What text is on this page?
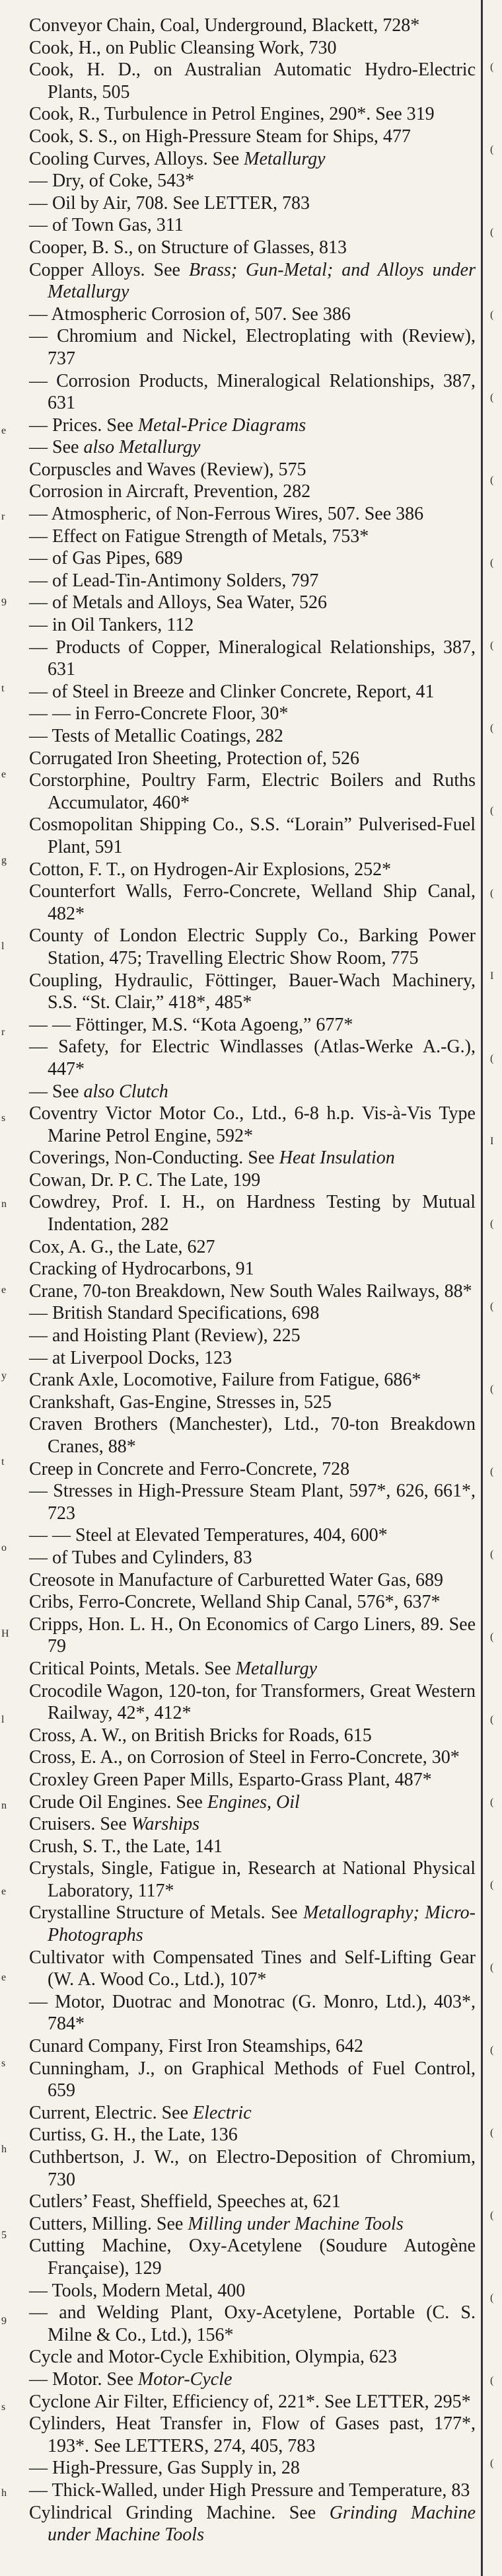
e
r
9
t
e
g
l
r
s
n
e
y
t
o
H
l
n
e
e
s
h
5
9
s
h
Conveyor Chain, Coal, Underground, Blackett, 728*
Cook, H., on Public Cleansing Work, 730
Cook, H. D., on Australian Automatic Hydro-Electric Plants, 505
Cook, R., Turbulence in Petrol Engines, 290*. See 319
Cook, S. S., on High-Pressure Steam for Ships, 477
Cooling Curves, Alloys. See Metallurgy
— Dry, of Coke, 543*
— Oil by Air, 708. See LETTER, 783
— of Town Gas, 311
Cooper, B. S., on Structure of Glasses, 813
Copper Alloys. See Brass; Gun-Metal; and Alloys under Metallurgy
— Atmospheric Corrosion of, 507. See 386
— Chromium and Nickel, Electroplating with (Review), 737
— Corrosion Products, Mineralogical Relationships, 387, 631
— Prices. See Metal-Price Diagrams
— See also Metallurgy
Corpuscles and Waves (Review), 575
Corrosion in Aircraft, Prevention, 282
— Atmospheric, of Non-Ferrous Wires, 507. See 386
— Effect on Fatigue Strength of Metals, 753*
— of Gas Pipes, 689
— of Lead-Tin-Antimony Solders, 797
— of Metals and Alloys, Sea Water, 526
— in Oil Tankers, 112
— Products of Copper, Mineralogical Relationships, 387, 631
— of Steel in Breeze and Clinker Concrete, Report, 41
— — in Ferro-Concrete Floor, 30*
— Tests of Metallic Coatings, 282
Corrugated Iron Sheeting, Protection of, 526
Corstorphine, Poultry Farm, Electric Boilers and Ruths Accumulator, 460*
Cosmopolitan Shipping Co., S.S. “Lorain” Pulverised-Fuel Plant, 591
Cotton, F. T., on Hydrogen-Air Explosions, 252*
Counterfort Walls, Ferro-Concrete, Welland Ship Canal, 482*
County of London Electric Supply Co., Barking Power Station, 475; Travelling Electric Show Room, 775
Coupling, Hydraulic, Föttinger, Bauer-Wach Machinery, S.S. “St. Clair,” 418*, 485*
— — Föttinger, M.S. “Kota Agoeng,” 677*
— Safety, for Electric Windlasses (Atlas-Werke A.-G.), 447*
— See also Clutch
Coventry Victor Motor Co., Ltd., 6-8 h.p. Vis-à-Vis Type Marine Petrol Engine, 592*
Coverings, Non-Conducting. See Heat Insulation
Cowan, Dr. P. C. The Late, 199
Cowdrey, Prof. I. H., on Hardness Testing by Mutual Indentation, 282
Cox, A. G., the Late, 627
Cracking of Hydrocarbons, 91
Crane, 70-ton Breakdown, New South Wales Railways, 88*
— British Standard Specifications, 698
— and Hoisting Plant (Review), 225
— at Liverpool Docks, 123
Crank Axle, Locomotive, Failure from Fatigue, 686*
Crankshaft, Gas-Engine, Stresses in, 525
Craven Brothers (Manchester), Ltd., 70-ton Breakdown Cranes, 88*
Creep in Concrete and Ferro-Concrete, 728
— Stresses in High-Pressure Steam Plant, 597*, 626, 661*, 723
— — Steel at Elevated Temperatures, 404, 600*
— of Tubes and Cylinders, 83
Creosote in Manufacture of Carburetted Water Gas, 689
Cribs, Ferro-Concrete, Welland Ship Canal, 576*, 637*
Cripps, Hon. L. H., On Economics of Cargo Liners, 89. See 79
Critical Points, Metals. See Metallurgy
Crocodile Wagon, 120-ton, for Transformers, Great Western Railway, 42*, 412*
Cross, A. W., on British Bricks for Roads, 615
Cross, E. A., on Corrosion of Steel in Ferro-Concrete, 30*
Croxley Green Paper Mills, Esparto-Grass Plant, 487*
Crude Oil Engines. See Engines, Oil
Cruisers. See Warships
Crush, S. T., the Late, 141
Crystals, Single, Fatigue in, Research at National Physical Laboratory, 117*
Crystalline Structure of Metals. See Metallography; Micro-Photographs
Cultivator with Compensated Tines and Self-Lifting Gear (W. A. Wood Co., Ltd.), 107*
— Motor, Duotrac and Monotrac (G. Monro, Ltd.), 403*, 784*
Cunard Company, First Iron Steamships, 642
Cunningham, J., on Graphical Methods of Fuel Control, 659
Current, Electric. See Electric
Curtiss, G. H., the Late, 136
Cuthbertson, J. W., on Electro-Deposition of Chromium, 730
Cutlers’ Feast, Sheffield, Speeches at, 621
Cutters, Milling. See Milling under Machine Tools
Cutting Machine, Oxy-Acetylene (Soudure Autogène Française), 129
— Tools, Modern Metal, 400
— and Welding Plant, Oxy-Acetylene, Portable (C. S. Milne & Co., Ltd.), 156*
Cycle and Motor-Cycle Exhibition, Olympia, 623
— Motor. See Motor-Cycle
Cyclone Air Filter, Efficiency of, 221*. See LETTER, 295*
Cylinders, Heat Transfer in, Flow of Gases past, 177*, 193*. See LETTERS, 274, 405, 783
— High-Pressure, Gas Supply in, 28
— Thick-Walled, under High Pressure and Temperature, 83
Cylindrical Grinding Machine. See Grinding Machine under Machine Tools
(
(
(
(
(
(
(
(
(
(
(
I
(
I
(
(
(
(
(
(
(
(
(
(
(
(
(
(
(
(
